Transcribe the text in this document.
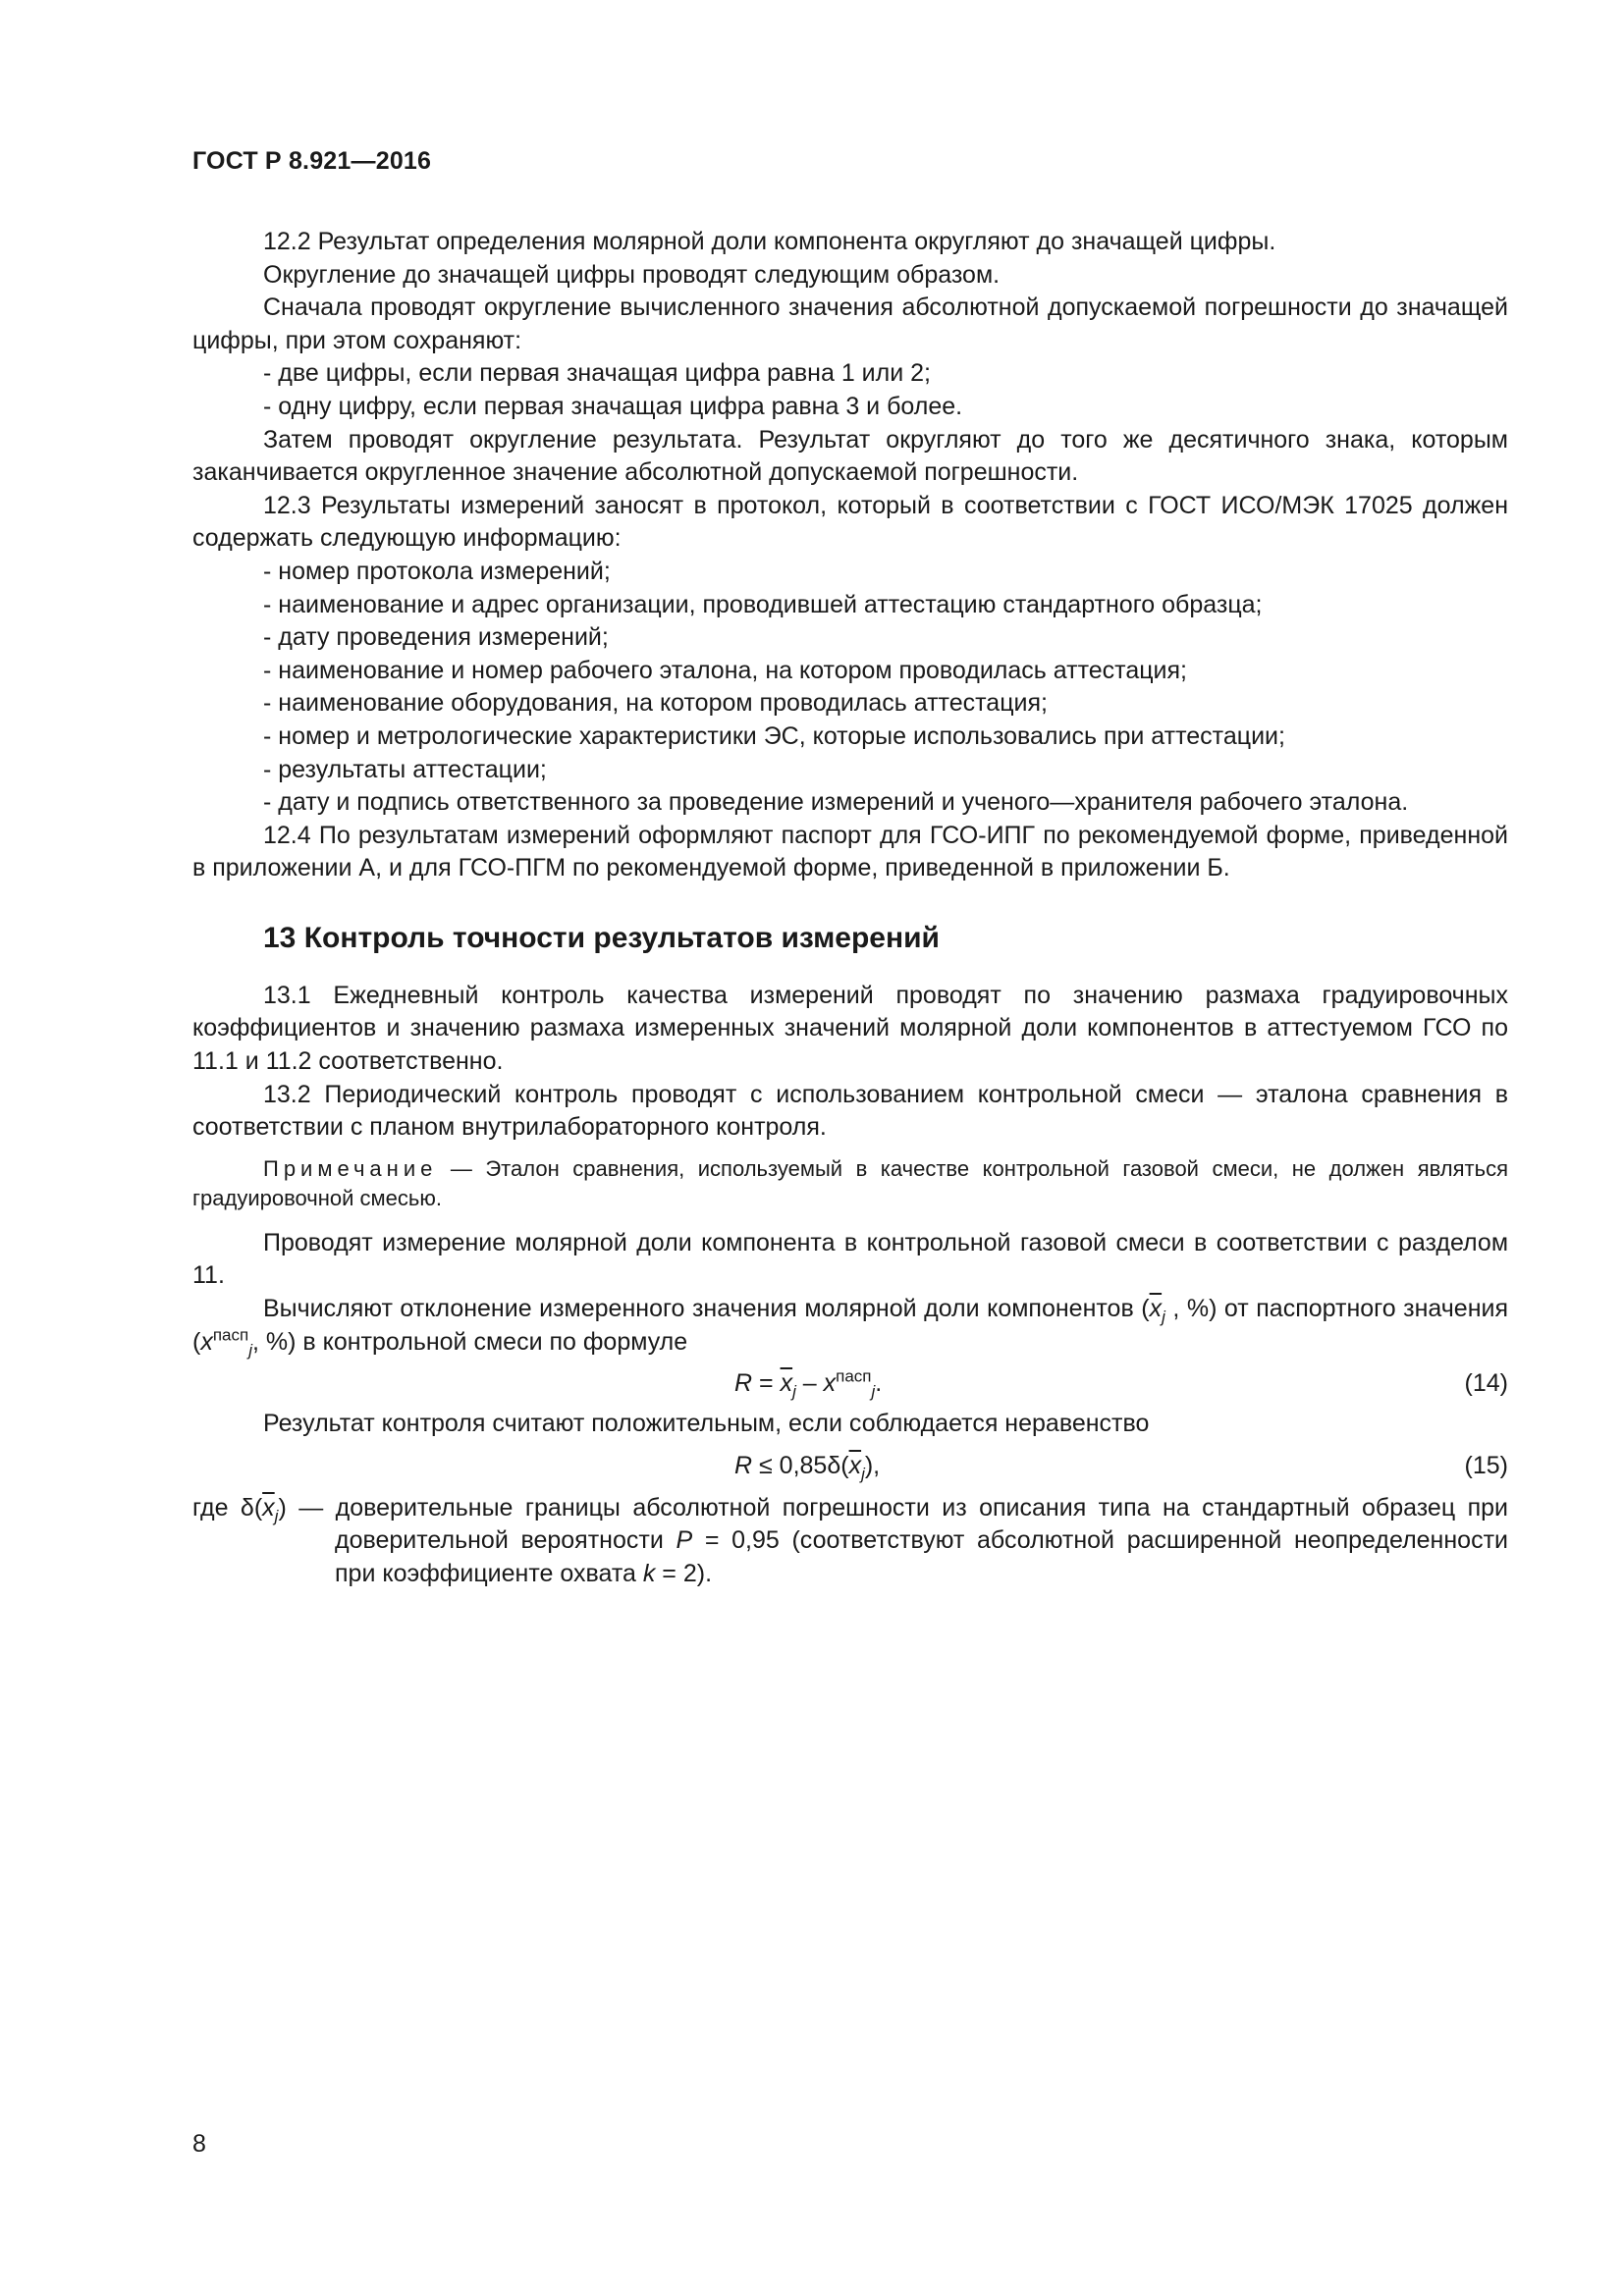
ГОСТ Р 8.921—2016

12.2 Результат определения молярной доли компонента округляют до значащей цифры.

Округление до значащей цифры проводят следующим образом.

Сначала проводят округление вычисленного значения абсолютной допускаемой погрешности до значащей цифры, при этом сохраняют:

- две цифры, если первая значащая цифра равна 1 или 2;

- одну цифру, если первая значащая цифра равна 3 и более.

Затем проводят округление результата. Результат округляют до того же десятичного знака, которым заканчивается округленное значение абсолютной допускаемой погрешности.

12.3 Результаты измерений заносят в протокол, который в соответствии с ГОСТ ИСО/МЭК 17025 должен содержать следующую информацию:

- номер протокола измерений;

- наименование и адрес организации, проводившей аттестацию стандартного образца;

- дату проведения измерений;

- наименование и номер рабочего эталона, на котором проводилась аттестация;

- наименование оборудования, на котором проводилась аттестация;

- номер и метрологические характеристики ЭС, которые использовались при аттестации;

- результаты аттестации;

- дату и подпись ответственного за проведение измерений и ученого—хранителя рабочего эталона.

12.4 По результатам измерений оформляют паспорт для ГСО-ИПГ по рекомендуемой форме, приведенной в приложении А, и для ГСО-ПГМ по рекомендуемой форме, приведенной в приложении Б.

13 Контроль точности результатов измерений

13.1 Ежедневный контроль качества измерений проводят по значению размаха градуировочных коэффициентов и значению размаха измеренных значений молярной доли компонентов в аттестуемом ГСО по 11.1 и 11.2 соответственно.

13.2 Периодический контроль проводят с использованием контрольной смеси — эталона сравнения в соответствии с планом внутрилабораторного контроля.

Примечание — Эталон сравнения, используемый в качестве контрольной газовой смеси, не должен являться градуировочной смесью.

Проводят измерение молярной доли компонента в контрольной газовой смеси в соответствии с разделом 11.

Вычисляют отклонение измеренного значения молярной доли компонентов ($\overline{x}_j$ , %) от паспортного значения ($x^{пасп}_j$, %) в контрольной смеси по формуле

$R = \overline{x}_j - x^{пасп}_j$.	(14)

Результат контроля считают положительным, если соблюдается неравенство

$R \le 0,85\delta(\overline{x}_j)$,	(15)

где $\delta(\overline{x}_j)$ — доверительные границы абсолютной погрешности из описания типа на стандартный образец при доверительной вероятности P = 0,95 (соответствуют абсолютной расширенной неопределенности при коэффициенте охвата k = 2).

8
